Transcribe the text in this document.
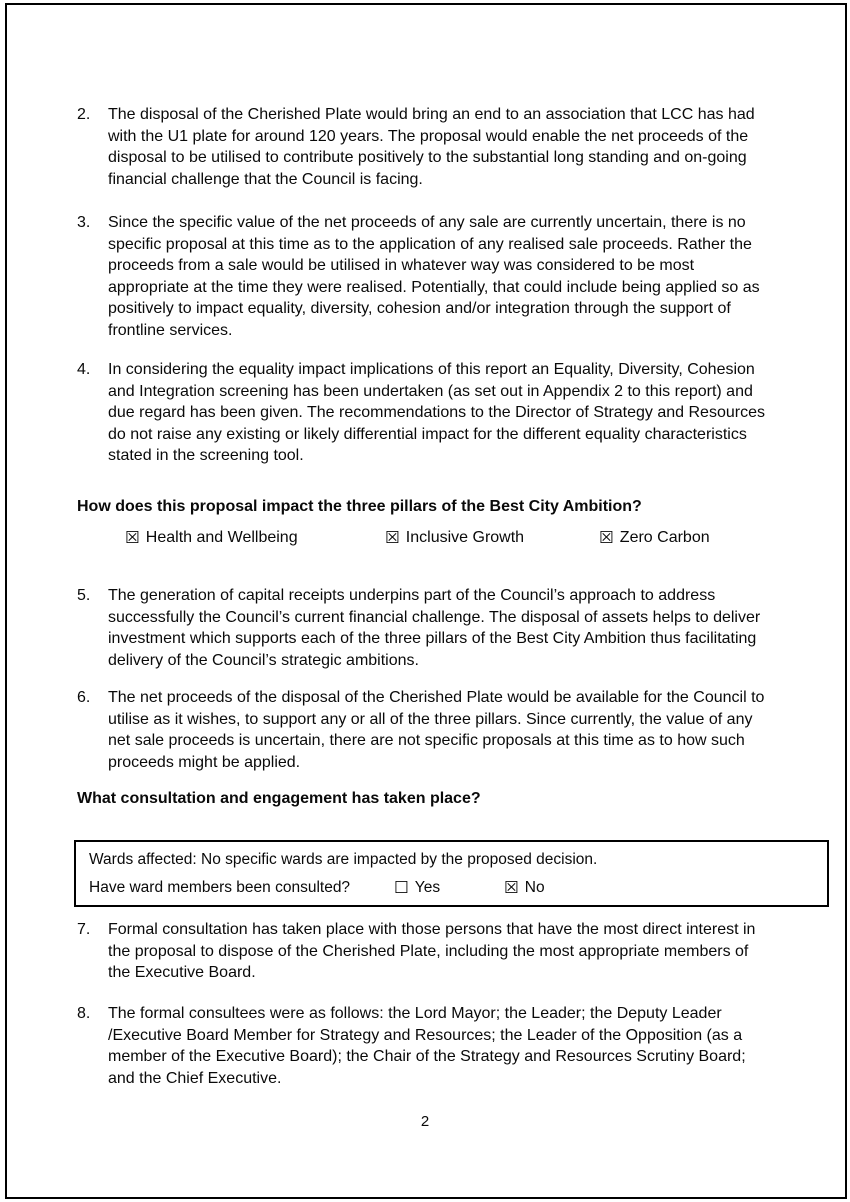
2.	The disposal of the Cherished Plate would bring an end to an association that LCC has had with the U1 plate for around 120 years. The proposal would enable the net proceeds of the disposal to be utilised to contribute positively to the substantial long standing and on-going financial challenge that the Council is facing.
3.	Since the specific value of the net proceeds of any sale are currently uncertain, there is no specific proposal at this time as to the application of any realised sale proceeds. Rather the proceeds from a sale would be utilised in whatever way was considered to be most appropriate at the time they were realised. Potentially, that could include being applied so as positively to impact equality, diversity, cohesion and/or integration through the support of frontline services.
4.	In considering the equality impact implications of this report an Equality, Diversity, Cohesion and Integration screening has been undertaken (as set out in Appendix 2 to this report) and due regard has been given. The recommendations to the Director of Strategy and Resources do not raise any existing or likely differential impact for the different equality characteristics stated in the screening tool.
How does this proposal impact the three pillars of the Best City Ambition?
☒ Health and Wellbeing	☒ Inclusive Growth	☒ Zero Carbon
5.	The generation of capital receipts underpins part of the Council’s approach to address successfully the Council’s current financial challenge. The disposal of assets helps to deliver investment which supports each of the three pillars of the Best City Ambition thus facilitating delivery of the Council’s strategic ambitions.
6.	The net proceeds of the disposal of the Cherished Plate would be available for the Council to utilise as it wishes, to support any or all of the three pillars. Since currently, the value of any net sale proceeds is uncertain, there are not specific proposals at this time as to how such proceeds might be applied.
What consultation and engagement has taken place?
Wards affected: No specific wards are impacted by the proposed decision.
Have ward members been consulted?	☐ Yes	☒ No
7.	Formal consultation has taken place with those persons that have the most direct interest in the proposal to dispose of the Cherished Plate, including the most appropriate members of the Executive Board.
8.	The formal consultees were as follows: the Lord Mayor; the Leader; the Deputy Leader /Executive Board Member for Strategy and Resources; the Leader of the Opposition (as a member of the Executive Board); the Chair of the Strategy and Resources Scrutiny Board; and the Chief Executive.
2
